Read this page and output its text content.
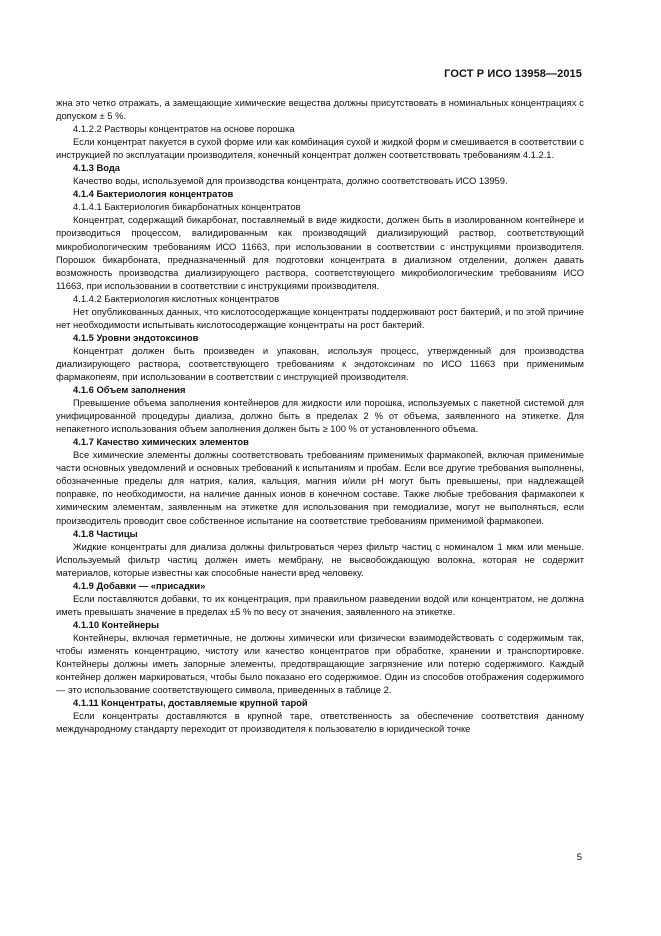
ГОСТ Р ИСО 13958—2015

жна это четко отражать, а замещающие химические вещества должны присутствовать в номинальных концентрациях с допуском ± 5 %.

4.1.2.2 Растворы концентратов на основе порошка

Если концентрат пакуется в сухой форме или как комбинация сухой и жидкой форм и смешивается в соответствии с инструкцией по эксплуатации производителя, конечный концентрат должен соответствовать требованиям 4.1.2.1.

4.1.3 Вода

Качество воды, используемой для производства концентрата, должно соответствовать ИСО 13959.

4.1.4 Бактериология концентратов

4.1.4.1 Бактериология бикарбонатных концентратов

Концентрат, содержащий бикарбонат, поставляемый в виде жидкости, должен быть в изолированном контейнере и производиться процессом, валидированным как производящий диализирующий раствор, соответствующий микробиологическим требованиям ИСО 11663, при использовании в соответствии с инструкциями производителя. Порошок бикарбоната, предназначенный для подготовки концентрата в диализном отделении, должен давать возможность производства диализирующего раствора, соответствующего микробиологическим требованиям ИСО 11663, при использовании в соответствии с инструкциями производителя.

4.1.4.2 Бактериология кислотных концентратов

Нет опубликованных данных, что кислотосодержащие концентраты поддерживают рост бактерий, и по этой причине нет необходимости испытывать кислотосодержащие концентраты на рост бактерий.

4.1.5 Уровни эндотоксинов

Концентрат должен быть произведен и упакован, используя процесс, утвержденный для производства диализирующего раствора, соответствующего требованиям к эндотоксинам по ИСО 11663 при применимым фармакопеям, при использовании в соответствии с инструкцией производителя.

4.1.6 Объем заполнения

Превышение объема заполнения контейнеров для жидкости или порошка, используемых с пакетной системой для унифицированной процедуры диализа, должно быть в пределах 2 % от объема, заявленного на этикетке. Для непакетного использования объем заполнения должен быть ≥ 100 % от установленного объема.

4.1.7 Качество химических элементов

Все химические элементы должны соответствовать требованиям применимых фармакопей, включая применимые части основных уведомлений и основных требований к испытаниям и пробам. Если все другие требования выполнены, обозначенные пределы для натрия, калия, кальция, магния и/или pH могут быть превышены, при надлежащей поправке, по необходимости, на наличие данных ионов в конечном составе. Также любые требования фармакопеи к химическим элементам, заявленным на этикетке для использования при гемодиализе, могут не выполняться, если производитель проводит свое собственное испытание на соответствие требованиям применимой фармакопеи.

4.1.8 Частицы

Жидкие концентраты для диализа должны фильтроваться через фильтр частиц с номиналом 1 мкм или меньше. Используемый фильтр частиц должен иметь мембрану, не высвобождающую волокна, которая не содержит материалов, которые известны как способные нанести вред человеку.

4.1.9 Добавки — «присадки»

Если поставляются добавки, то их концентрация, при правильном разведении водой или концентратом, не должна иметь превышать значение в пределах ±5 % по весу от значения, заявленного на этикетке.

4.1.10 Контейнеры

Контейнеры, включая герметичные, не должны химически или физически взаимодействовать с содержимым так, чтобы изменять концентрацию, чистоту или качество концентратов при обработке, хранении и транспортировке. Контейнеры должны иметь запорные элементы, предотвращающие загрязнение или потерю содержимого. Каждый контейнер должен маркироваться, чтобы было показано его содержимое. Один из способов отображения содержимого — это использование соответствующего символа, приведенных в таблице 2.

4.1.11 Концентраты, доставляемые крупной тарой

Если концентраты доставляются в крупной таре, ответственность за обеспечение соответствия данному международному стандарту переходит от производителя к пользователю в юридической точке

5
